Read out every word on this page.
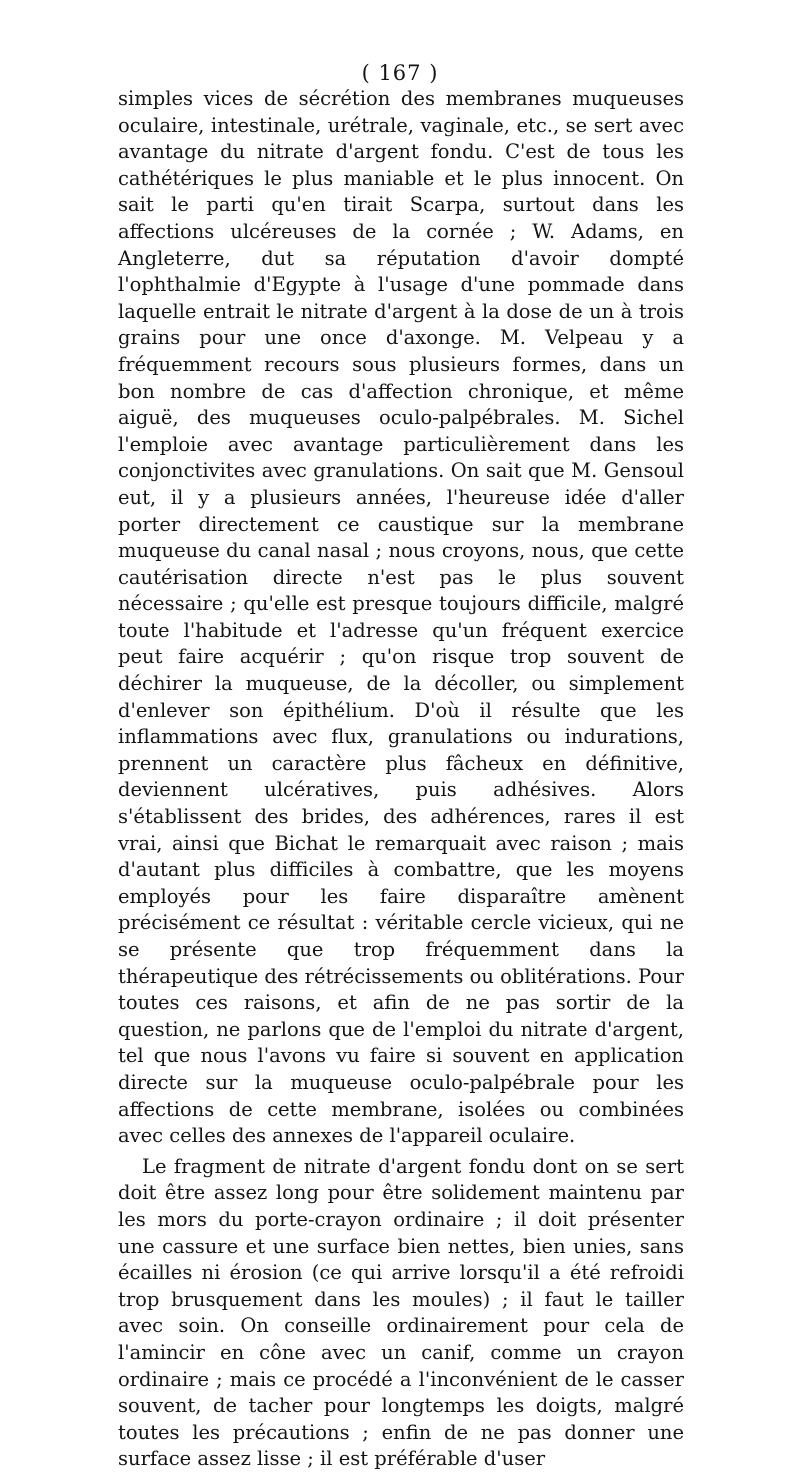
( 167 )

simples vices de sécrétion des membranes muqueuses oculaire, intestinale, urétrale, vaginale, etc., se sert avec avantage du nitrate d'argent fondu. C'est de tous les cathétériques le plus maniable et le plus innocent. On sait le parti qu'en tirait Scarpa, surtout dans les affections ulcéreuses de la cornée ; W. Adams, en Angleterre, dut sa réputation d'avoir dompté l'ophthalmie d'Egypte à l'usage d'une pommade dans laquelle entrait le nitrate d'argent à la dose de un à trois grains pour une once d'axonge. M. Velpeau y a fréquemment recours sous plusieurs formes, dans un bon nombre de cas d'affection chronique, et même aiguë, des muqueuses oculo-palpébrales. M. Sichel l'emploie avec avantage particulièrement dans les conjonctivites avec granulations. On sait que M. Gensoul eut, il y a plusieurs années, l'heureuse idée d'aller porter directement ce caustique sur la membrane muqueuse du canal nasal ; nous croyons, nous, que cette cautérisation directe n'est pas le plus souvent nécessaire ; qu'elle est presque toujours difficile, malgré toute l'habitude et l'adresse qu'un fréquent exercice peut faire acquérir ; qu'on risque trop souvent de déchirer la muqueuse, de la décoller, ou simplement d'enlever son épithélium. D'où il résulte que les inflammations avec flux, granulations ou indurations, prennent un caractère plus fâcheux en définitive, deviennent ulcératives, puis adhésives. Alors s'établissent des brides, des adhérences, rares il est vrai, ainsi que Bichat le remarquait avec raison ; mais d'autant plus difficiles à combattre, que les moyens employés pour les faire disparaître amènent précisément ce résultat : véritable cercle vicieux, qui ne se présente que trop fréquemment dans la thérapeutique des rétrécissements ou oblitérations. Pour toutes ces raisons, et afin de ne pas sortir de la question, ne parlons que de l'emploi du nitrate d'argent, tel que nous l'avons vu faire si souvent en application directe sur la muqueuse oculo-palpébrale pour les affections de cette membrane, isolées ou combinées avec celles des annexes de l'appareil oculaire.

Le fragment de nitrate d'argent fondu dont on se sert doit être assez long pour être solidement maintenu par les mors du porte-crayon ordinaire ; il doit présenter une cassure et une surface bien nettes, bien unies, sans écailles ni érosion (ce qui arrive lorsqu'il a été refroidi trop brusquement dans les moules) ; il faut le tailler avec soin. On conseille ordinairement pour cela de l'amincir en cône avec un canif, comme un crayon ordinaire ; mais ce procédé a l'inconvénient de le casser souvent, de tacher pour longtemps les doigts, malgré toutes les précautions ; enfin de ne pas donner une surface assez lisse ; il est préférable d'user
